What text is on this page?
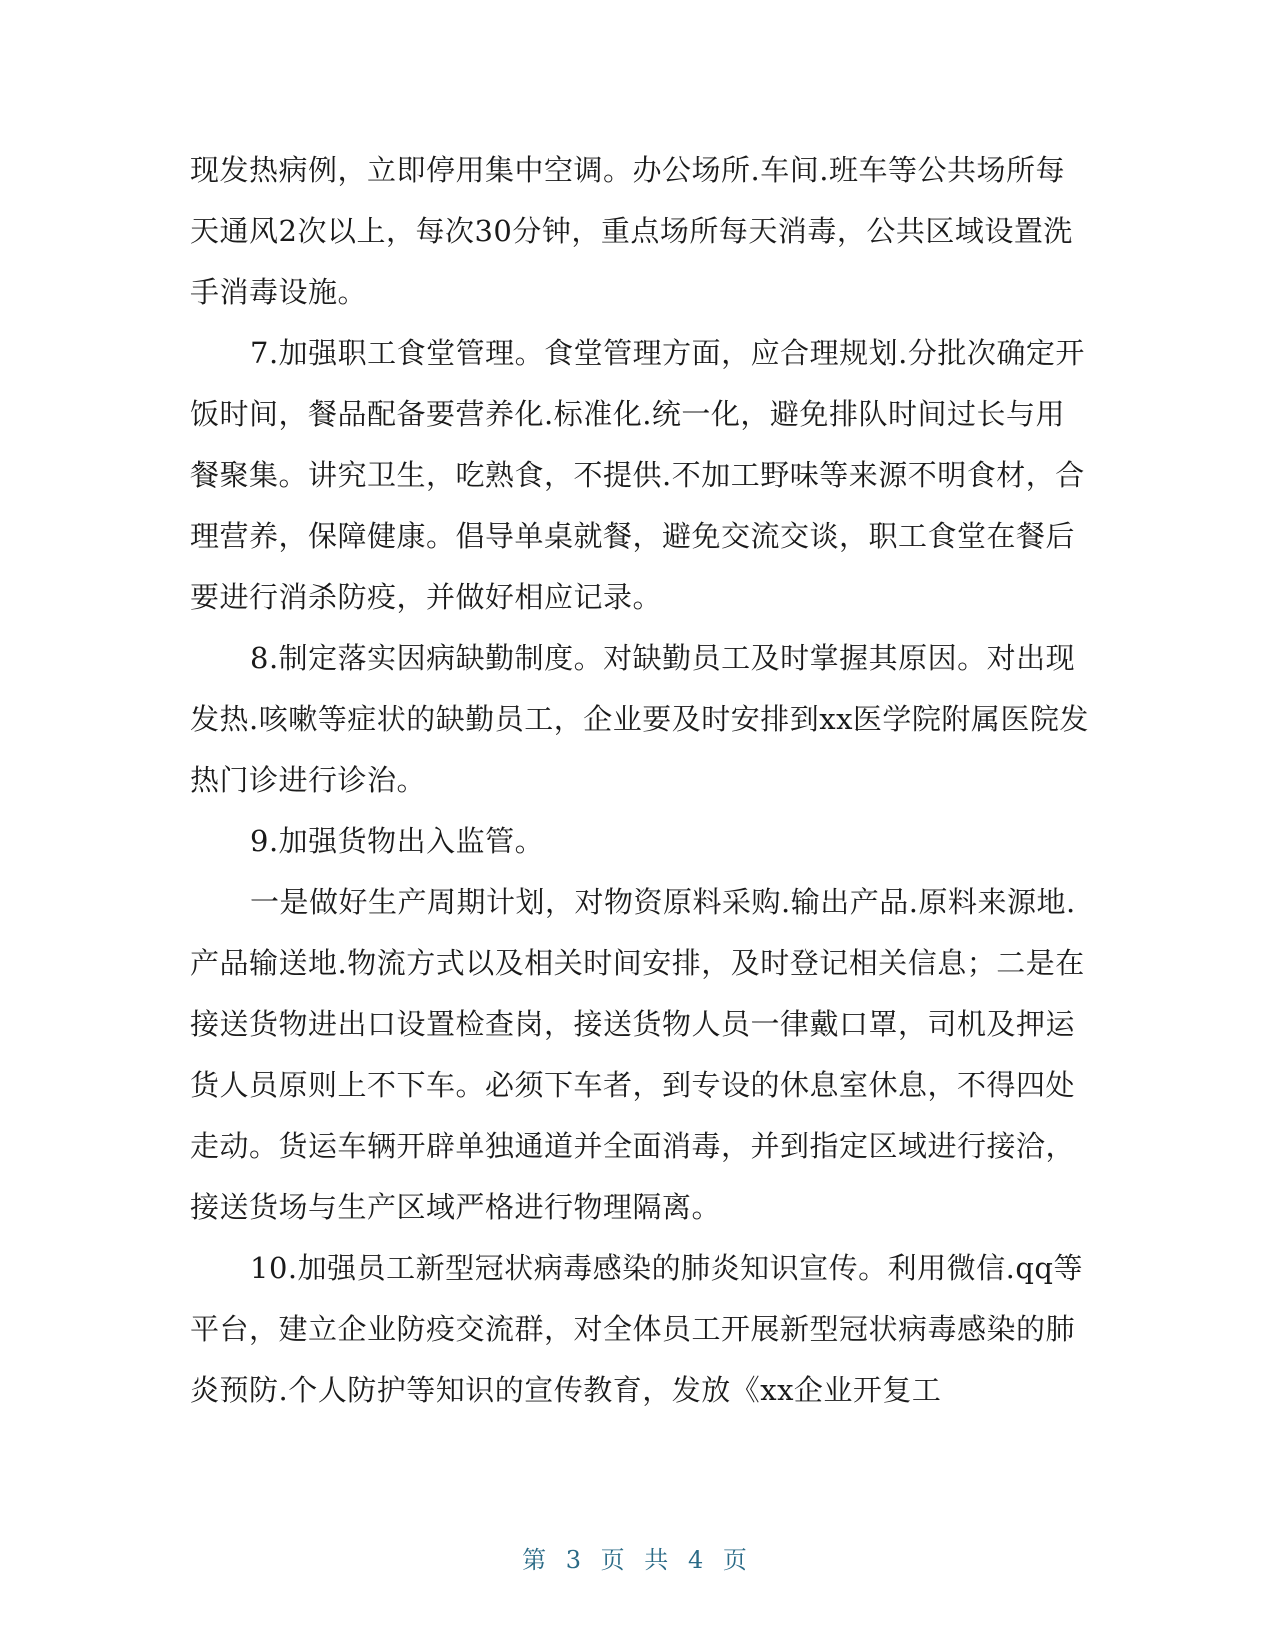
现发热病例，立即停用集中空调。办公场所.车间.班车等公共场所每天通风2次以上，每次30分钟，重点场所每天消毒，公共区域设置洗手消毒设施。

7.加强职工食堂管理。食堂管理方面，应合理规划.分批次确定开饭时间，餐品配备要营养化.标准化.统一化，避免排队时间过长与用餐聚集。讲究卫生，吃熟食，不提供.不加工野味等来源不明食材，合理营养，保障健康。倡导单桌就餐，避免交流交谈，职工食堂在餐后要进行消杀防疫，并做好相应记录。

8.制定落实因病缺勤制度。对缺勤员工及时掌握其原因。对出现发热.咳嗽等症状的缺勤员工，企业要及时安排到xx医学院附属医院发热门诊进行诊治。

9.加强货物出入监管。

一是做好生产周期计划，对物资原料采购.输出产品.原料来源地.产品输送地.物流方式以及相关时间安排，及时登记相关信息；二是在接送货物进出口设置检查岗，接送货物人员一律戴口罩，司机及押运货人员原则上不下车。必须下车者，到专设的休息室休息，不得四处走动。货运车辆开辟单独通道并全面消毒，并到指定区域进行接洽，接送货场与生产区域严格进行物理隔离。

10.加强员工新型冠状病毒感染的肺炎知识宣传。利用微信.qq等平台，建立企业防疫交流群，对全体员工开展新型冠状病毒感染的肺炎预防.个人防护等知识的宣传教育，发放《xx企业开复工

第 3 页 共 4 页
